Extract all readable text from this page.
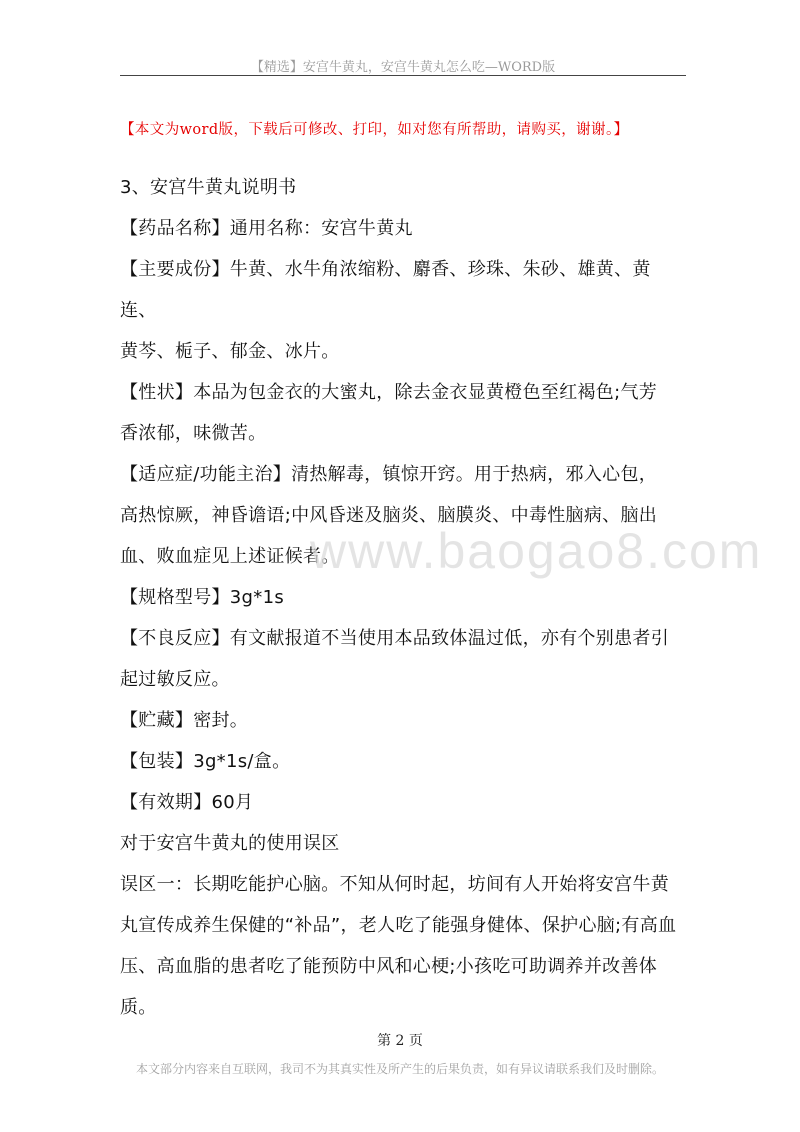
【精选】安宫牛黄丸，安宫牛黄丸怎么吃—WORD版
【本文为word版，下载后可修改、打印，如对您有所帮助，请购买，谢谢。】

3、安宫牛黄丸说明书

【药品名称】通用名称：安宫牛黄丸

【主要成份】牛黄、水牛角浓缩粉、麝香、珍珠、朱砂、雄黄、黄连、

黄芩、栀子、郁金、冰片。

【性状】本品为包金衣的大蜜丸，除去金衣显黄橙色至红褐色;气芳

香浓郁，味微苦。

【适应症/功能主治】清热解毒，镇惊开窍。用于热病，邪入心包，

高热惊厥，神昏谵语;中风昏迷及脑炎、脑膜炎、中毒性脑病、脑出

血、败血症见上述证候者。

【规格型号】3g*1s

【不良反应】有文献报道不当使用本品致体温过低，亦有个别患者引

起过敏反应。

【贮藏】密封。

【包装】3g*1s/盒。

【有效期】60月

对于安宫牛黄丸的使用误区

误区一：长期吃能护心脑。不知从何时起，坊间有人开始将安宫牛黄

丸宣传成养生保健的“补品”，老人吃了能强身健体、保护心脑;有高血

压、高血脂的患者吃了能预防中风和心梗;小孩吃可助调养并改善体

质。

www.baogao8.com
第 2 页
本文部分内容来自互联网，我司不为其真实性及所产生的后果负责，如有异议请联系我们及时删除。
